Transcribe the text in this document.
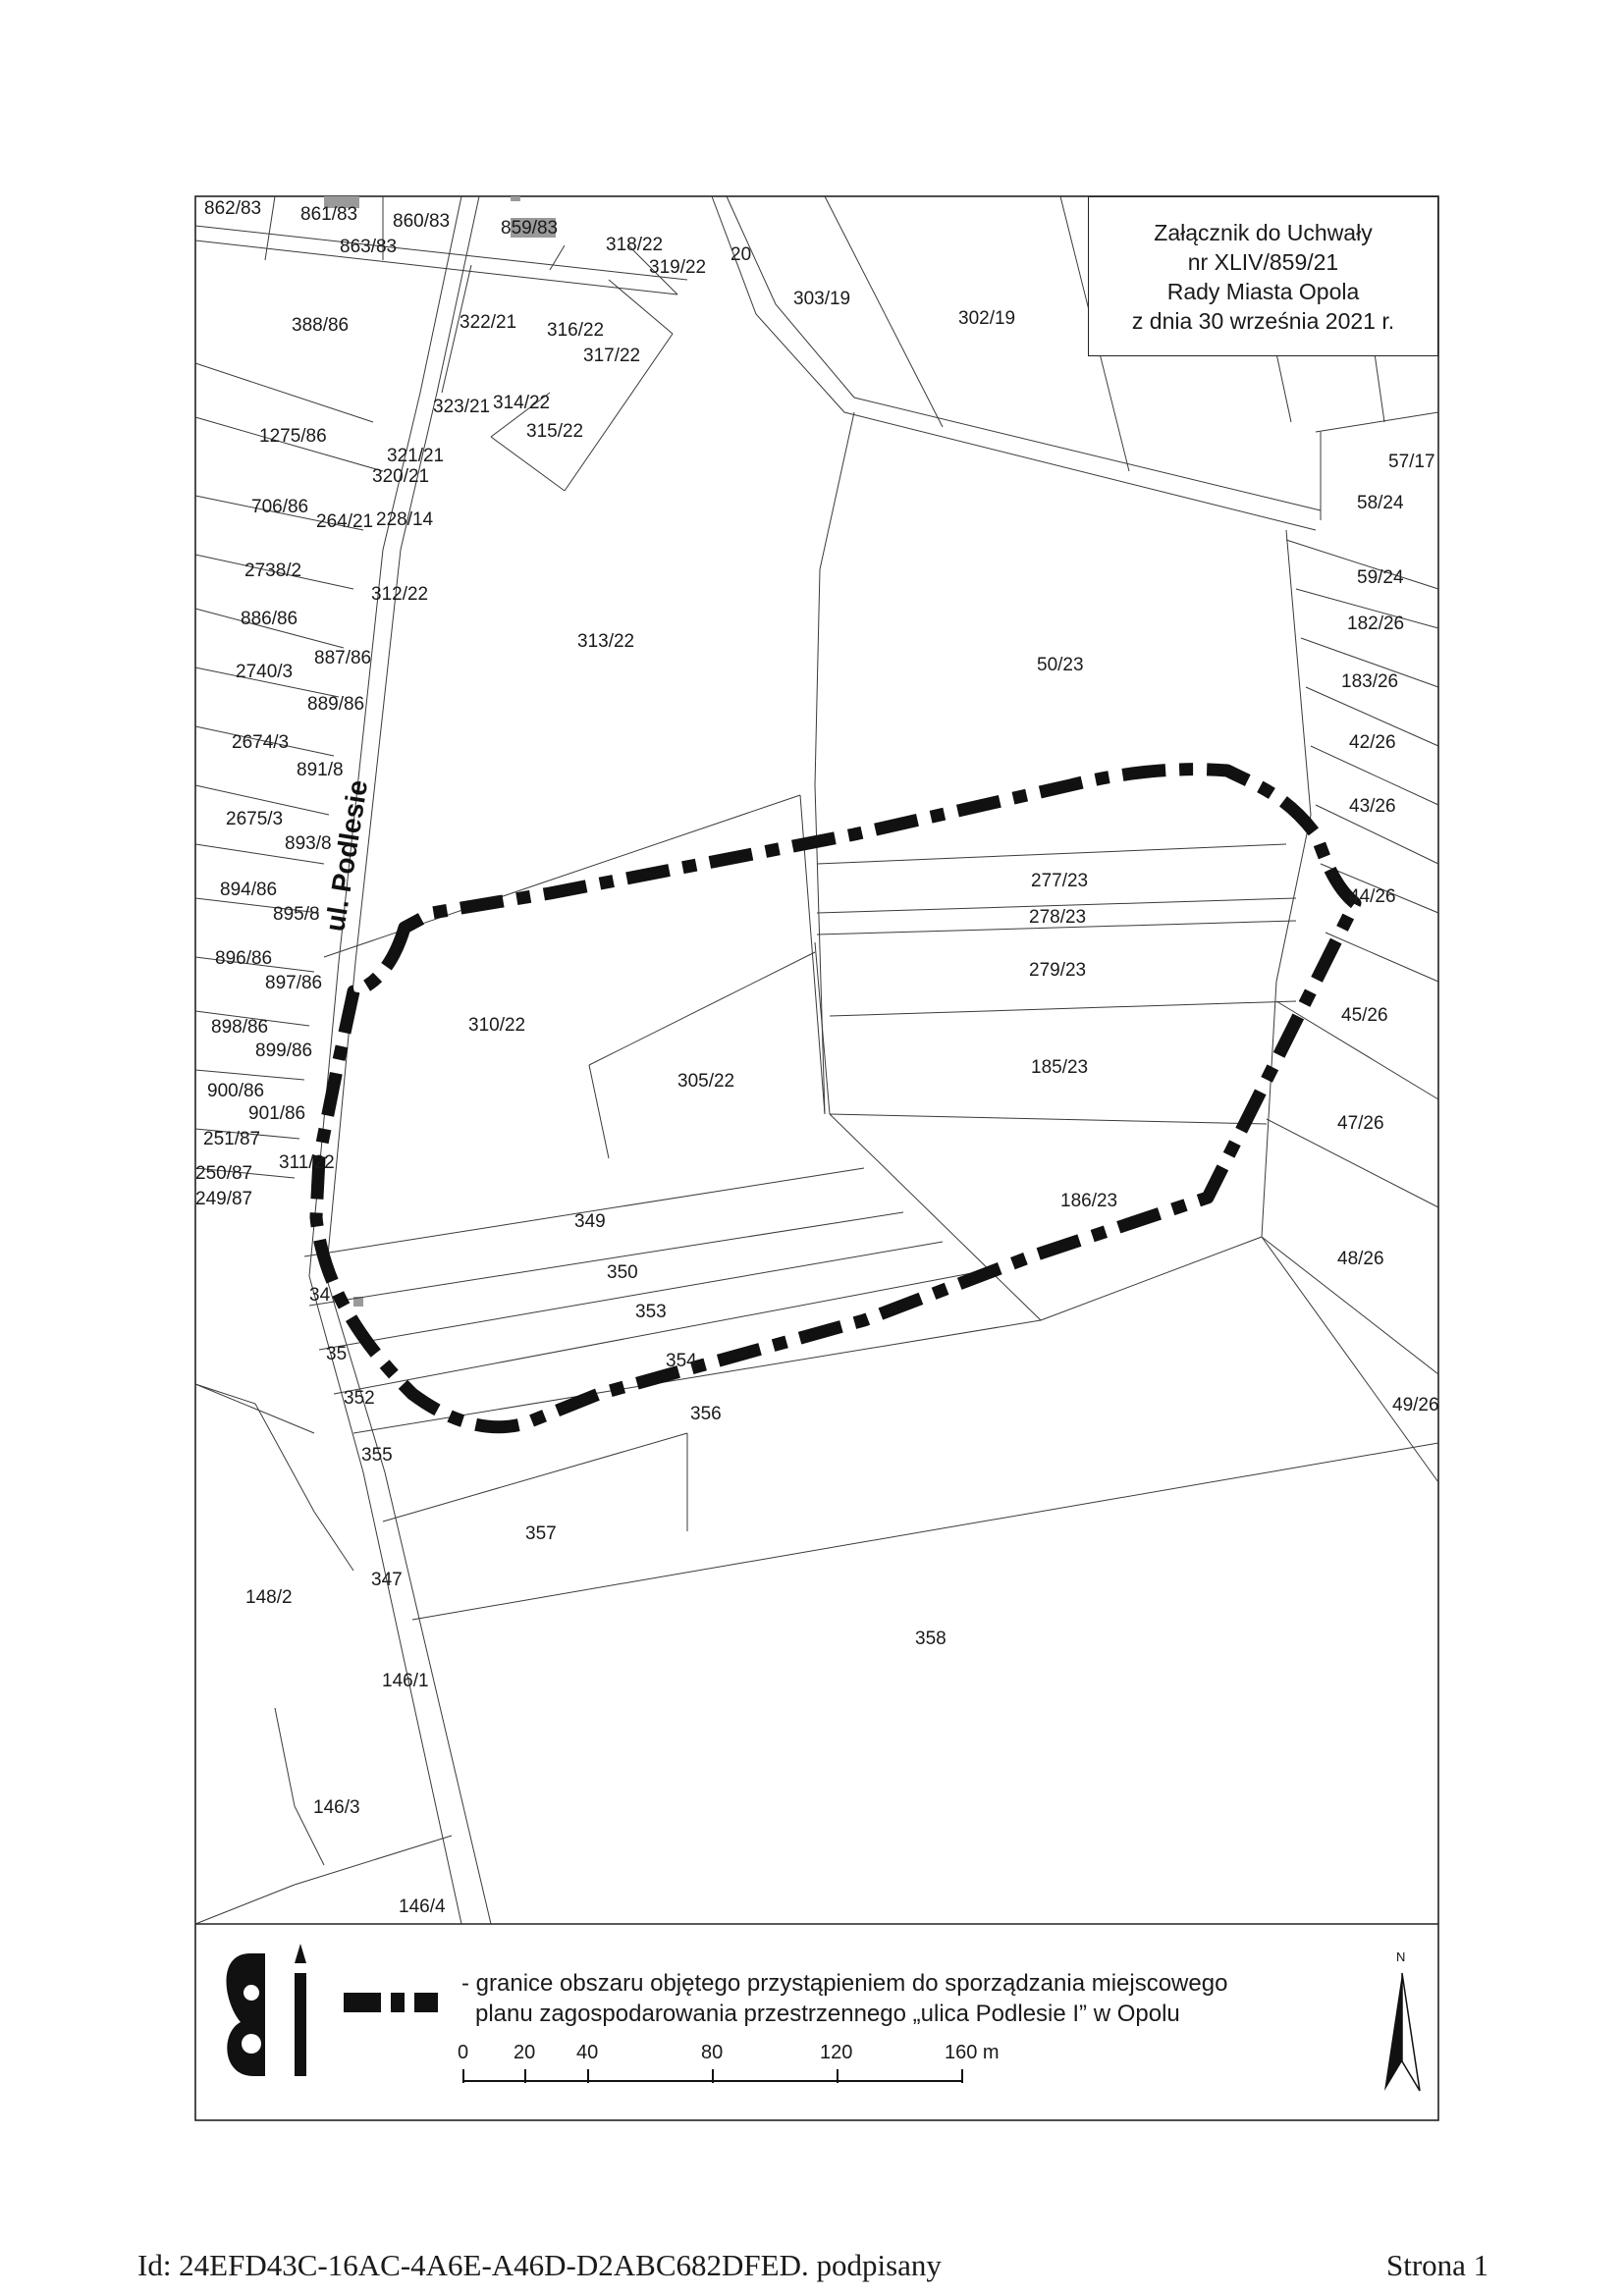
862/83 861/83 860/83	859/83
863/83	318/22
319/22
20
303/19
302/19
388/86	322/21 316/22
317/22
323/21 314/22
315/22
1275/86
321/21
320/21
706/86
264/21 228/14
57/17
58/24
2738/2
312/22
59/24
886/86	182/26
313/22
887/86	50/23
2740/3	183/26
889/86
2674/3	42/26
891/8
43/26
2675/3
893/8
277/23
894/86	44/26
895/8	278/23
896/86
279/23
897/86
45/26
898/86	310/22
899/86
185/23
900/86	305/22
901/86	47/26
251/87
311/22
250/87
249/87	186/23
349
48/26
350
34
353
35	354
352	49/26
356
355
357
347
148/2
358
146/1
146/3
146/4
ul. Podlesie
N
Załącznik do Uchwały
nr XLIV/859/21
Rady Miasta Opola
z dnia 30 września 2021 r.
- granice obszaru objętego przystąpieniem do sporządzania miejscowego
planu zagospodarowania przestrzennego „ulica Podlesie I” w Opolu
0 20 40	80	120	160 m
Id: 24EFD43C-16AC-4A6E-A46D-D2ABC682DFED. podpisany	Strona 1
